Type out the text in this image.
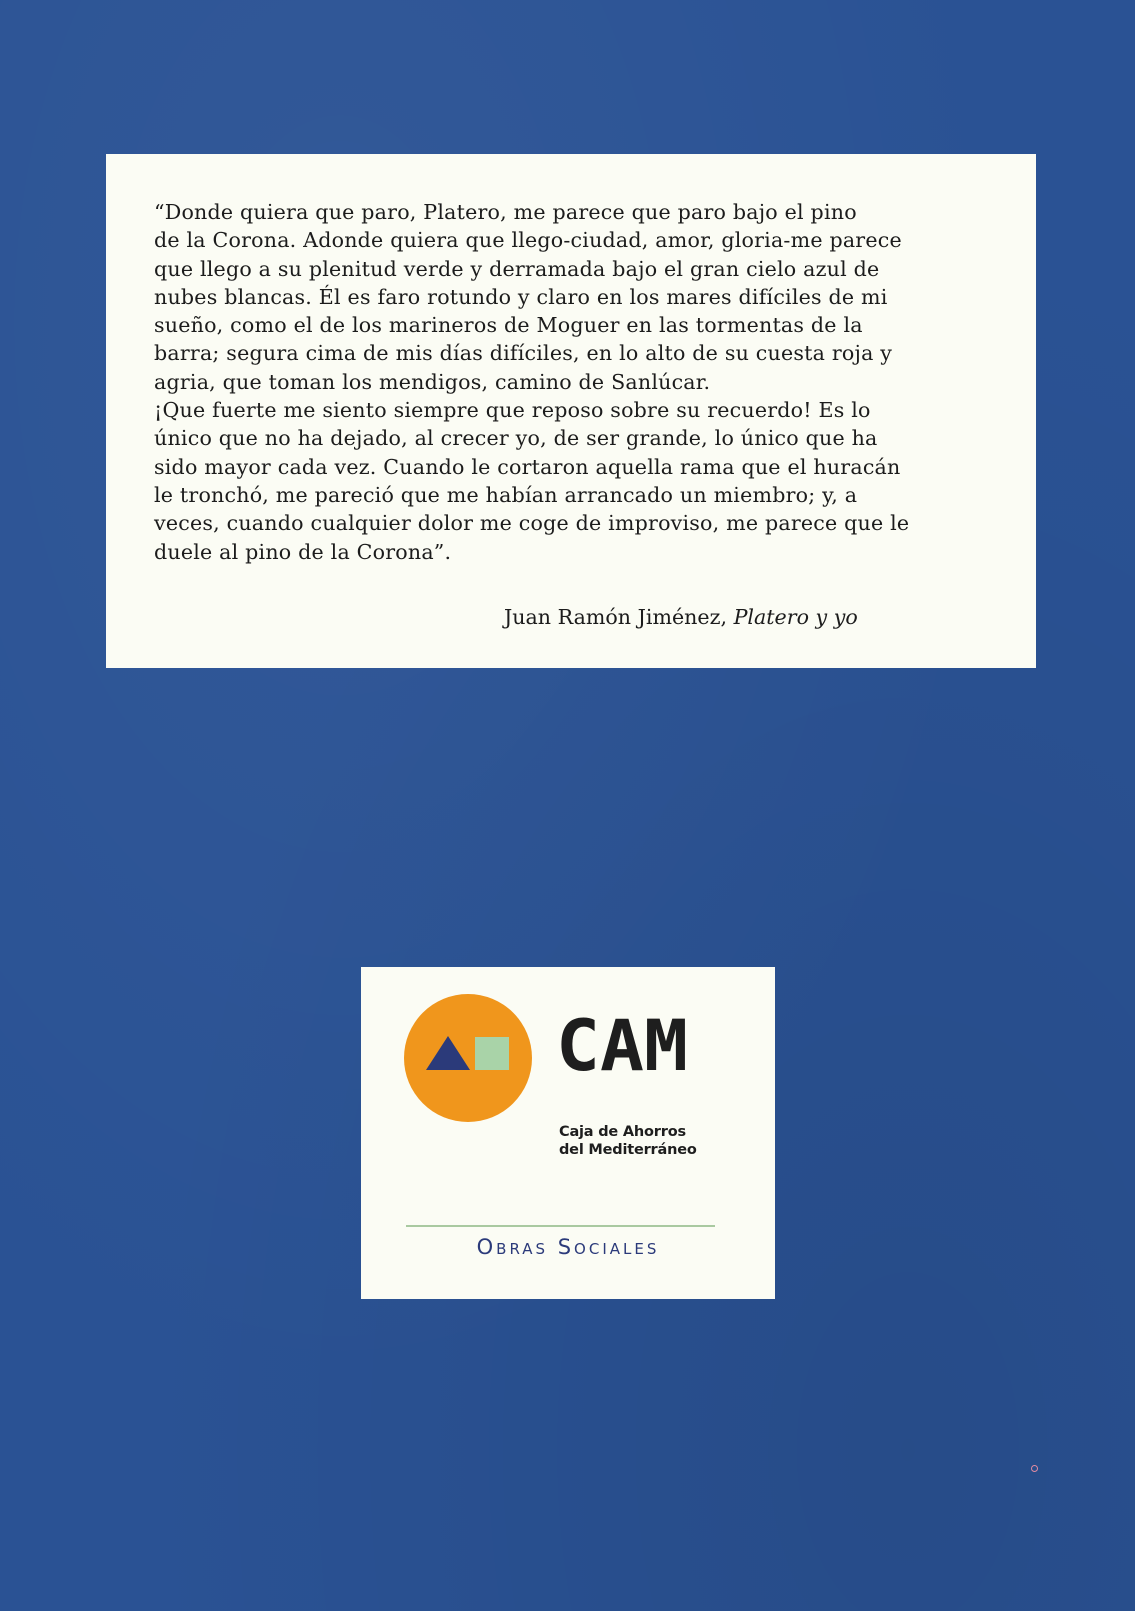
“Donde quiera que paro, Platero, me parece que paro bajo el pino
de la Corona. Adonde quiera que llego-ciudad, amor, gloria-me parece
que llego a su plenitud verde y derramada bajo el gran cielo azul de
nubes blancas. Él es faro rotundo y claro en los mares difíciles de mi
sueño, como el de los marineros de Moguer en las tormentas de la
barra; segura cima de mis días difíciles, en lo alto de su cuesta roja y
agria, que toman los mendigos, camino de Sanlúcar.
¡Que fuerte me siento siempre que reposo sobre su recuerdo! Es lo
único que no ha dejado, al crecer yo, de ser grande, lo único que ha
sido mayor cada vez. Cuando le cortaron aquella rama que el huracán
le tronchó, me pareció que me habían arrancado un miembro; y, a
veces, cuando cualquier dolor me coge de improviso, me parece que le
duele al pino de la Corona”.

Juan Ramón Jiménez, Platero y yo
CAM
Caja de Ahorros
del Mediterráneo
Obras Sociales
